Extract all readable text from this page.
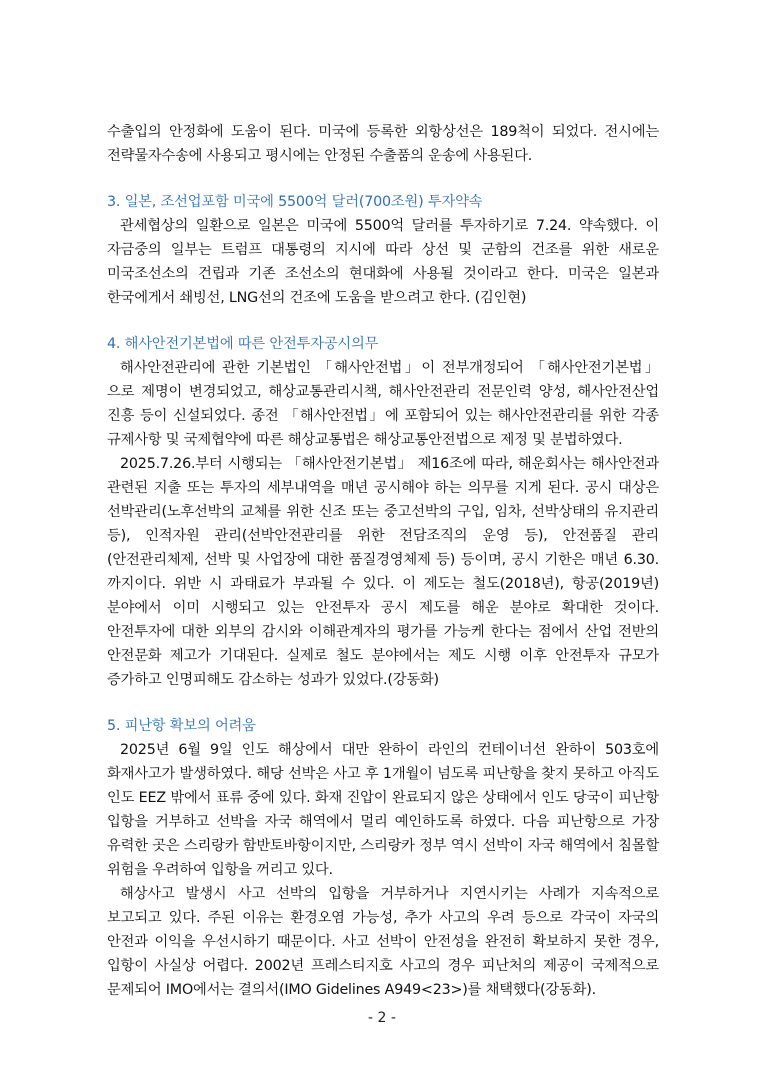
수출입의 안정화에 도움이 된다. 미국에 등록한 외항상선은 189척이 되었다. 전시에는 전략물자수송에 사용되고 평시에는 안정된 수출품의 운송에 사용된다.

3. 일본, 조선업포함 미국에 5500억 달러(700조원) 투자약속

관세협상의 일환으로 일본은 미국에 5500억 달러를 투자하기로 7.24. 약속했다. 이 자금중의 일부는 트럼프 대통령의 지시에 따라 상선 및 군함의 건조를 위한 새로운 미국조선소의 건립과 기존 조선소의 현대화에 사용될 것이라고 한다. 미국은 일본과 한국에게서 쇄빙선, LNG선의 건조에 도움을 받으려고 한다. (김인현)

4. 해사안전기본법에 따른 안전투자공시의무

해사안전관리에 관한 기본법인 「해사안전법」이 전부개정되어 「해사안전기본법」으로 제명이 변경되었고, 해상교통관리시책, 해사안전관리 전문인력 양성, 해사안전산업 진흥 등이 신설되었다. 종전 「해사안전법」에 포함되어 있는 해사안전관리를 위한 각종 규제사항 및 국제협약에 따른 해상교통법은 해상교통안전법으로 제정 및 분법하였다.

2025.7.26.부터 시행되는 「해사안전기본법」 제16조에 따라, 해운회사는 해사안전과 관련된 지출 또는 투자의 세부내역을 매년 공시해야 하는 의무를 지게 된다. 공시 대상은 선박관리(노후선박의 교체를 위한 신조 또는 중고선박의 구입, 임차, 선박상태의 유지관리 등), 인적자원 관리(선박안전관리를 위한 전담조직의 운영 등), 안전품질 관리(안전관리체제, 선박 및 사업장에 대한 품질경영체제 등) 등이며, 공시 기한은 매년 6.30.까지이다. 위반 시 과태료가 부과될 수 있다. 이 제도는 철도(2018년), 항공(2019년) 분야에서 이미 시행되고 있는 안전투자 공시 제도를 해운 분야로 확대한 것이다. 안전투자에 대한 외부의 감시와 이해관계자의 평가를 가능케 한다는 점에서 산업 전반의 안전문화 제고가 기대된다. 실제로 철도 분야에서는 제도 시행 이후 안전투자 규모가 증가하고 인명피해도 감소하는 성과가 있었다.(강동화)

5. 피난항 확보의 어려움

2025년 6월 9일 인도 해상에서 대만 완하이 라인의 컨테이너선 완하이 503호에 화재사고가 발생하였다. 해당 선박은 사고 후 1개월이 넘도록 피난항을 찾지 못하고 아직도 인도 EEZ 밖에서 표류 중에 있다. 화재 진압이 완료되지 않은 상태에서 인도 당국이 피난항 입항을 거부하고 선박을 자국 해역에서 멀리 예인하도록 하였다. 다음 피난항으로 가장 유력한 곳은 스리랑카 함반토바항이지만, 스리랑카 정부 역시 선박이 자국 해역에서 침몰할 위험을 우려하여 입항을 꺼리고 있다.

해상사고 발생시 사고 선박의 입항을 거부하거나 지연시키는 사례가 지속적으로 보고되고 있다. 주된 이유는 환경오염 가능성, 추가 사고의 우려 등으로 각국이 자국의 안전과 이익을 우선시하기 때문이다. 사고 선박이 안전성을 완전히 확보하지 못한 경우, 입항이 사실상 어렵다. 2002년 프레스티지호 사고의 경우 피난처의 제공이 국제적으로 문제되어 IMO에서는 결의서(IMO Gidelines A949<23>)를 채택했다(강동화).

- 2 -
